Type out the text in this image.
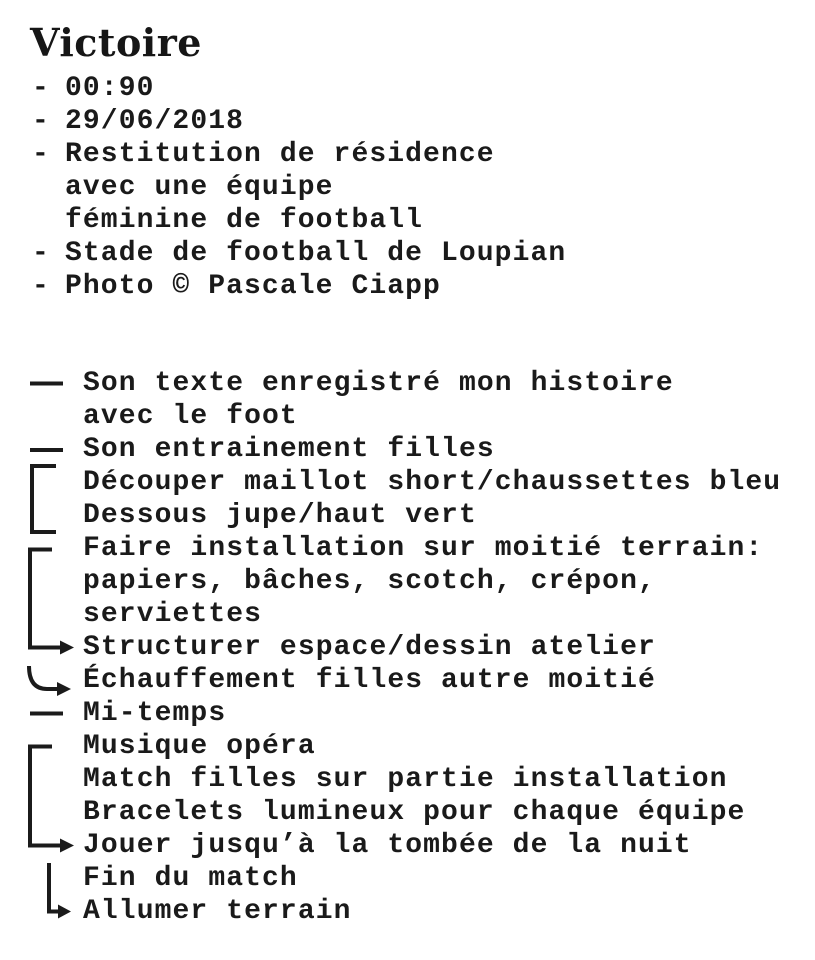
Victoire
- 00:90
- 29/06/2018
- Restitution de résidence
avec une équipe
féminine de football
- Stade de football de Loupian
- Photo © Pascale Ciapp
Son texte enregistré mon histoire
avec le foot
Son entrainement filles
Découper maillot short/chaussettes bleu
Dessous jupe/haut vert
Faire installation sur moitié terrain:
papiers, bâches, scotch, crépon,
serviettes
Structurer espace/dessin atelier
Échauffement filles autre moitié
Mi-temps
Musique opéra
Match filles sur partie installation
Bracelets lumineux pour chaque équipe
Jouer jusqu’à la tombée de la nuit
Fin du match
Allumer terrain
